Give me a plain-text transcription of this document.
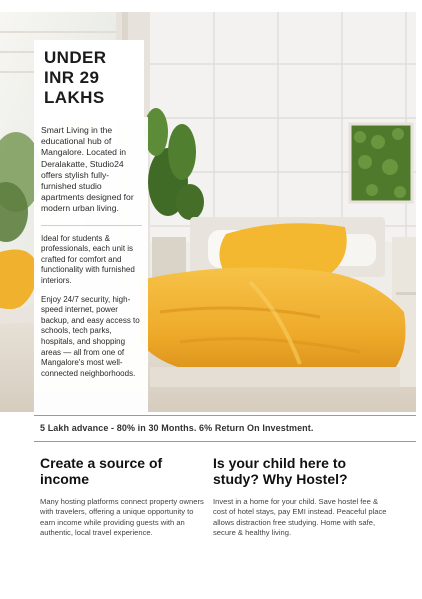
UNDER
INR 29
LAKHS

Smart Living in the educational hub of Mangalore. Located in Deralakatte, Studio24 offers stylish fully-furnished studio apartments designed for modern urban living.

Ideal for students & professionals, each unit is crafted for comfort and functionality with furnished interiors.

Enjoy 24/7 security, high-speed internet, power backup, and easy access to schools, tech parks, hospitals, and shopping areas — all from one of Mangalore's most well-connected neighborhoods.

5 Lakh advance - 80% in 30 Months. 6% Return On Investment.
Create a source of income

Many hosting platforms connect property owners with travelers, offering a unique opportunity to earn income while providing guests with an authentic, local travel experience.

Is your child here to study? Why Hostel?

Invest in a home for your child. Save hostel fee & cost of hotel stays, pay EMI instead. Peaceful place allows distraction free studying. Home with safe, secure & healthy living.
